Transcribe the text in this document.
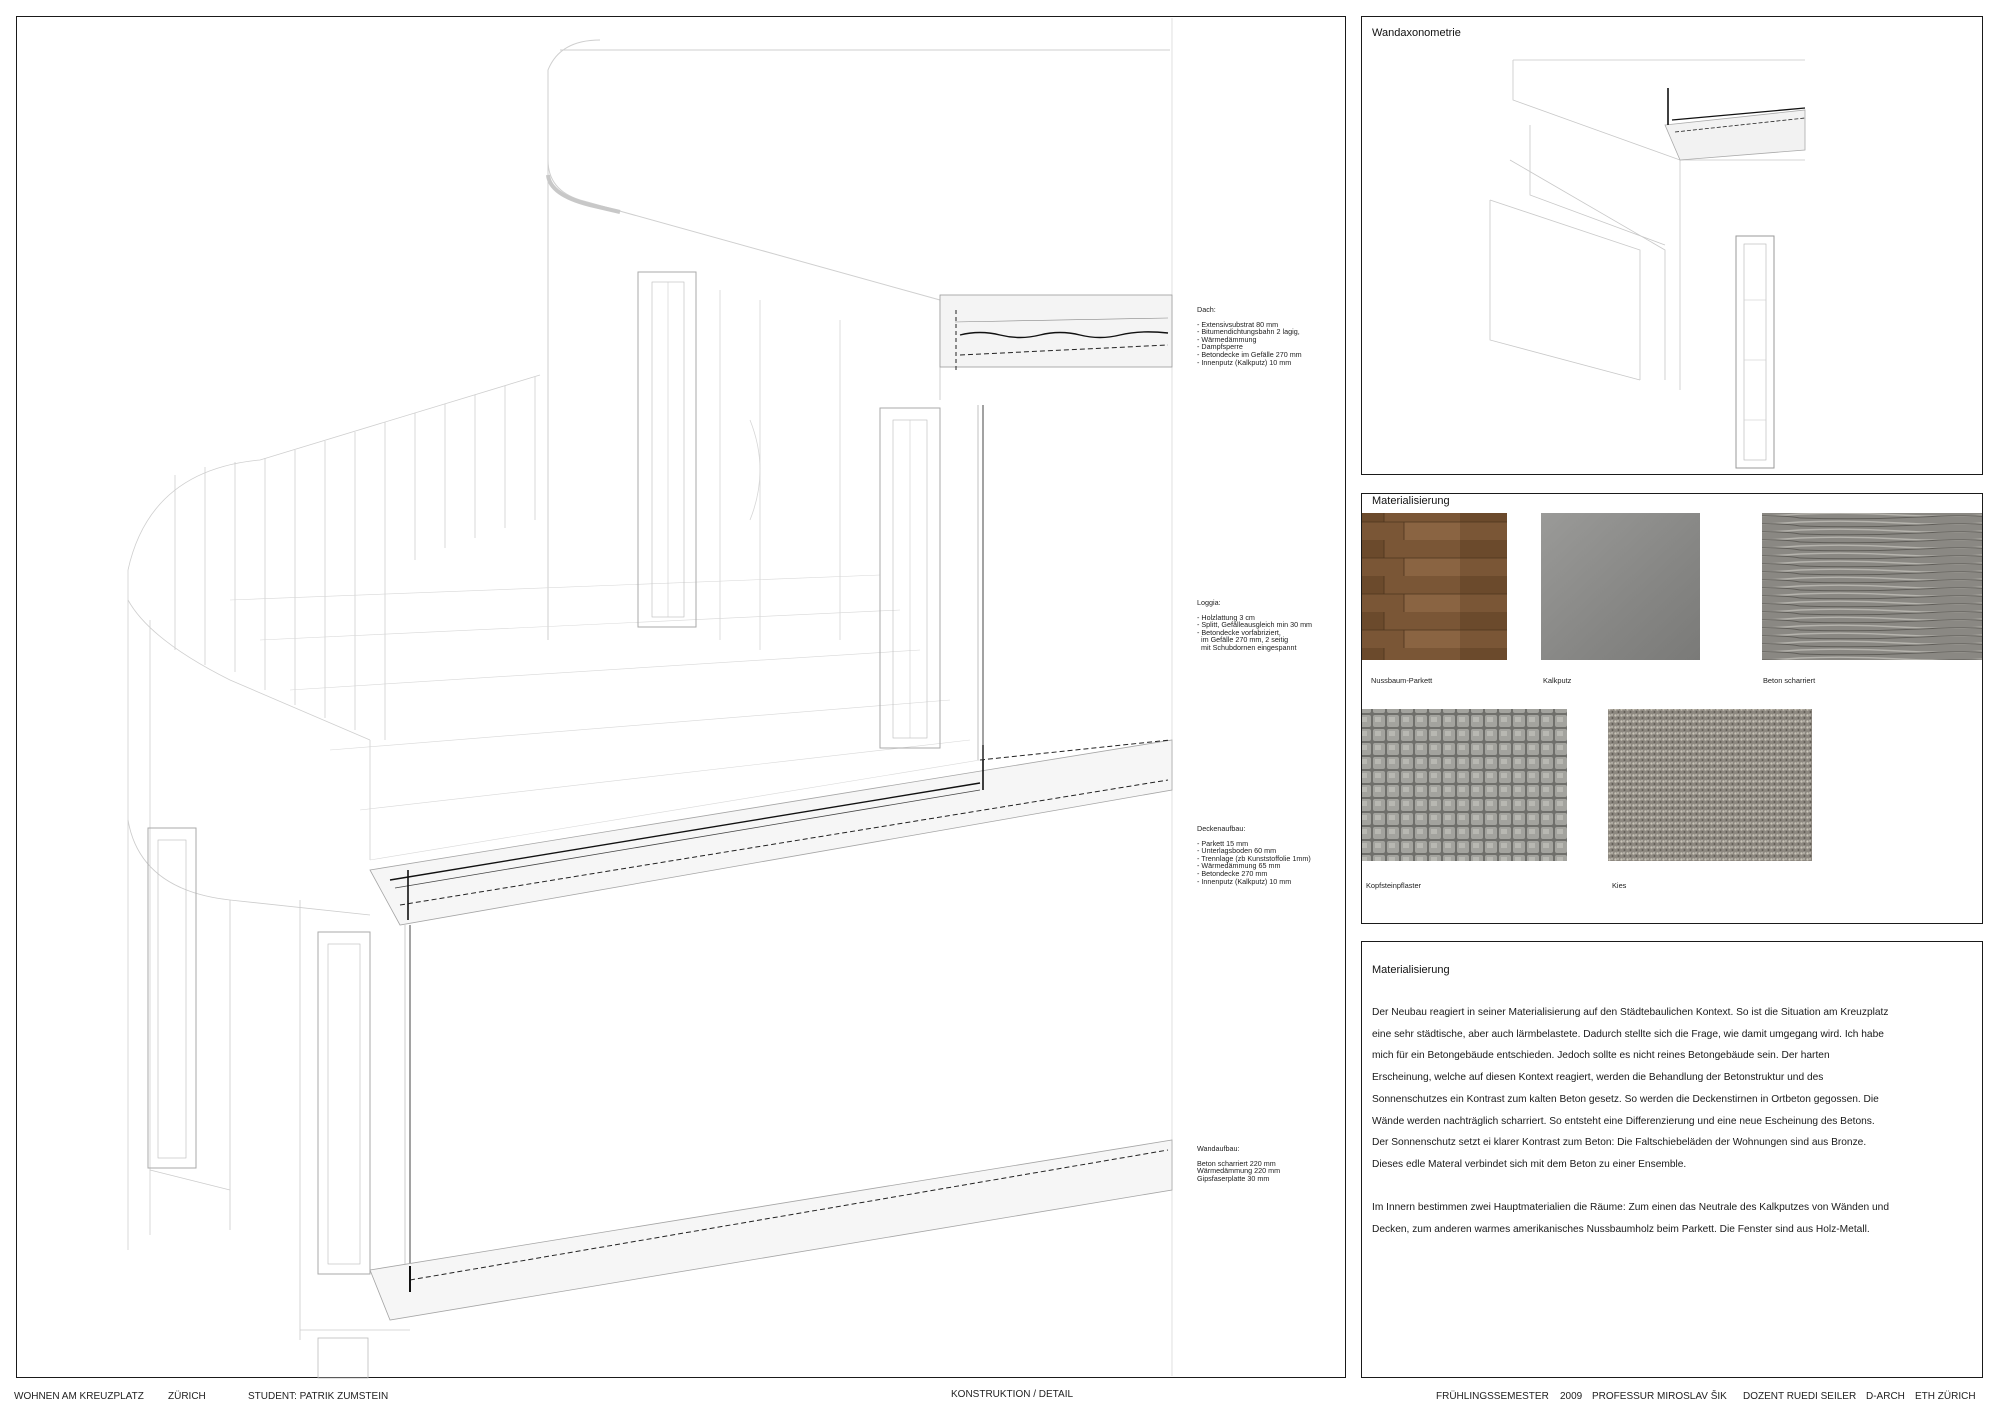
Dach:
- Extensivsubstrat 80 mm
- Bitumendichtungsbahn 2 lagig,
- Wärmedämmung
- Dampfsperre
- Betondecke im Gefälle 270 mm
- Innenputz (Kalkputz) 10 mm
Loggia:
- Holzlattung 3 cm
- Splitt, Gefälleausgleich min 30 mm
- Betondecke vorfabriziert,
im Gefälle 270 mm, 2 seitig
mit Schubdornen eingespannt
Deckenaufbau:
- Parkett 15 mm
- Unterlagsboden 60 mm
- Trennlage (zb Kunststoffolie 1mm)
- Wärmedämmung 65 mm
- Betondecke 270 mm
- Innenputz (Kalkputz) 10 mm
Wandaufbau:
Beton scharriert 220 mm
Wärmedämmung 220 mm
Gipsfaserplatte 30 mm
Wandaxonometrie
Materialisierung
Nussbaum-Parkett	Kalkputz	Beton scharriert
Kopfsteinpflaster	Kies
Materialisierung
Der Neubau reagiert in seiner Materialisierung auf den Städtebaulichen Kontext. So ist die Situation am Kreuzplatz
eine sehr städtische, aber auch lärmbelastete. Dadurch stellte sich die Frage, wie damit umgegang wird. Ich habe
mich für ein Betongebäude entschieden. Jedoch sollte es nicht reines Betongebäude sein. Der harten
Erscheinung, welche auf diesen Kontext reagiert, werden die Behandlung der Betonstruktur und des
Sonnenschutzes ein Kontrast zum kalten Beton gesetz. So werden die Deckenstirnen in Ortbeton gegossen. Die
Wände werden nachträglich scharriert. So entsteht eine Differenzierung und eine neue Escheinung des Betons.
Der Sonnenschutz setzt ei klarer Kontrast zum Beton: Die Faltschiebeläden der Wohnungen sind aus Bronze.
Dieses edle Materal verbindet sich mit dem Beton zu einer Ensemble.
Im Innern bestimmen zwei Hauptmaterialien die Räume: Zum einen das Neutrale des Kalkputzes von Wänden und
Decken, zum anderen warmes amerikanisches Nussbaumholz beim Parkett. Die Fenster sind aus Holz-Metall.
WOHNEN AM KREUZPLATZ ZÜRICH	STUDENT: PATRIK ZUMSTEIN	KONSTRUKTION / DETAIL	FRÜHLINGSSEMESTER 2009 PROFESSUR MIROSLAV ŠIK DOZENT RUEDI SEILER D-ARCH ETH ZÜRICH
